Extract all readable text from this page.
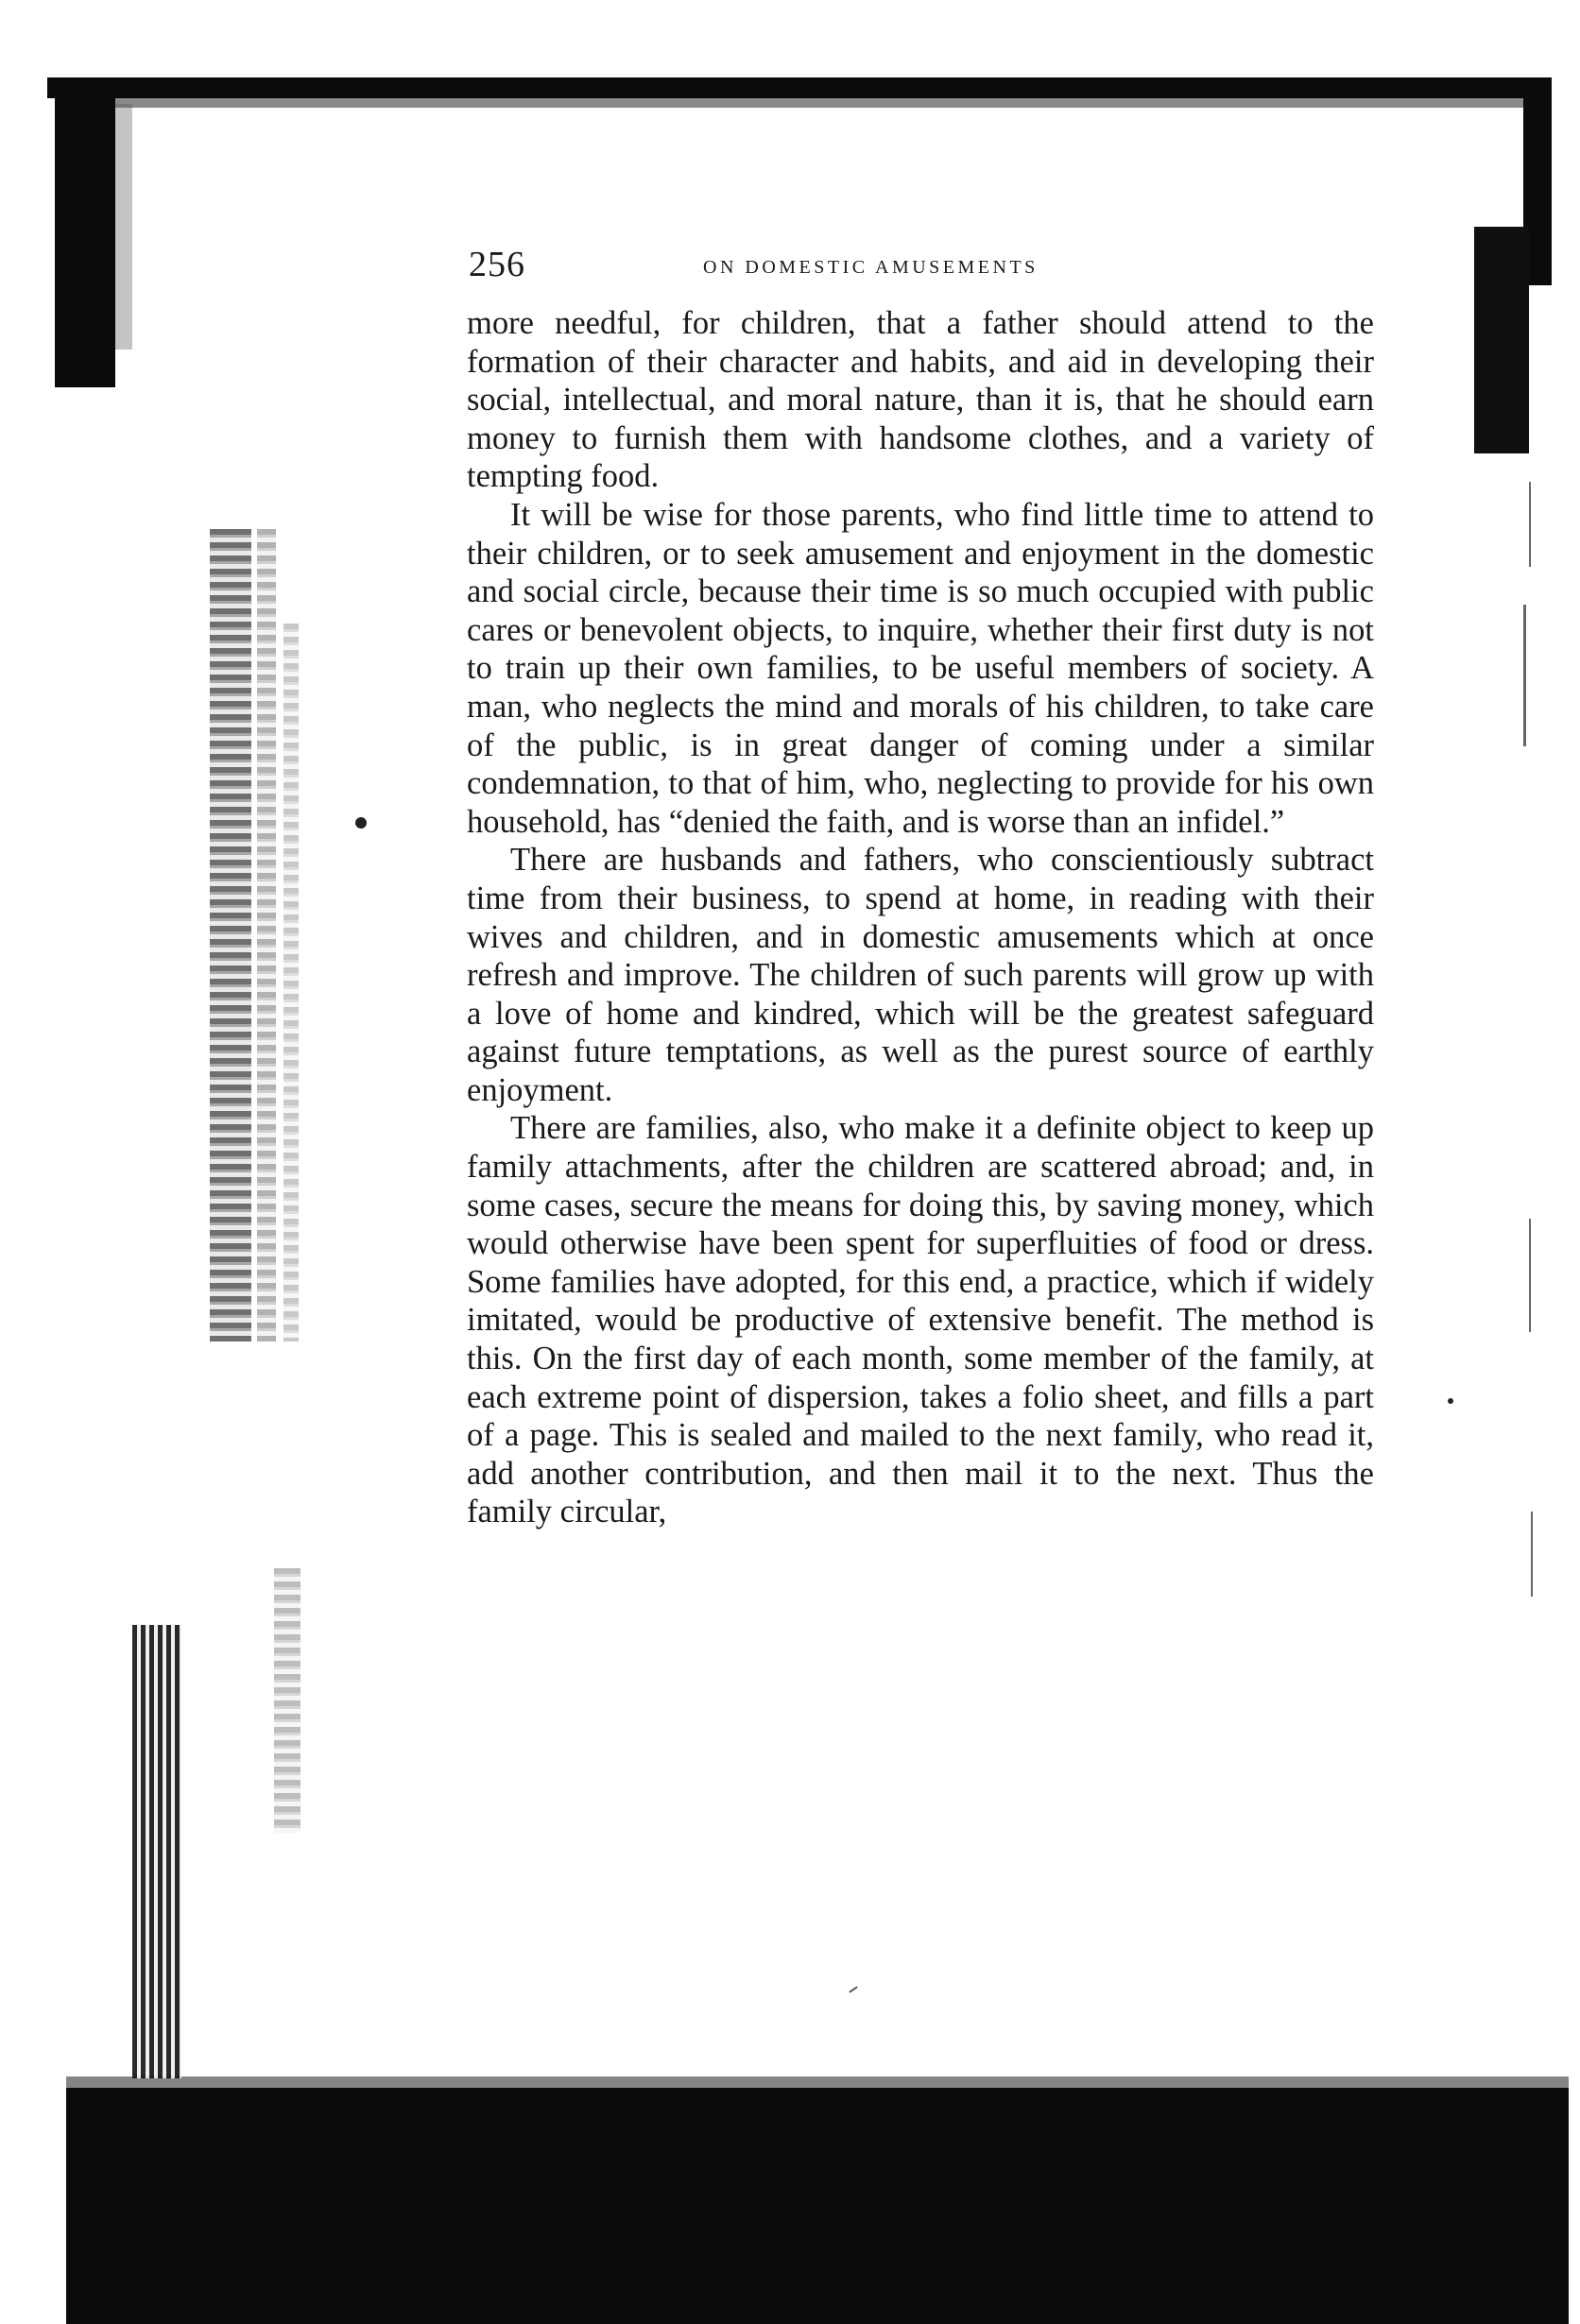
256	ON DOMESTIC AMUSEMENTS

more needful, for children, that a father should attend to the formation of their character and habits, and aid in developing their social, intellectual, and moral nature, than it is, that he should earn money to furnish them with handsome clothes, and a variety of tempting food.

It will be wise for those parents, who find little time to attend to their children, or to seek amusement and enjoyment in the domestic and social circle, because their time is so much occupied with public cares or benevolent objects, to inquire, whether their first duty is not to train up their own families, to be useful members of society. A man, who neglects the mind and morals of his children, to take care of the public, is in great danger of coming under a similar condemnation, to that of him, who, neglecting to provide for his own household, has “denied the faith, and is worse than an infidel.”

There are husbands and fathers, who conscientiously subtract time from their business, to spend at home, in reading with their wives and children, and in domestic amusements which at once refresh and improve. The children of such parents will grow up with a love of home and kindred, which will be the greatest safeguard against future temptations, as well as the purest source of earthly enjoyment.

There are families, also, who make it a definite object to keep up family attachments, after the children are scattered abroad; and, in some cases, secure the means for doing this, by saving money, which would otherwise have been spent for superfluities of food or dress. Some families have adopted, for this end, a practice, which if widely imitated, would be productive of extensive benefit. The method is this. On the first day of each month, some member of the family, at each extreme point of dispersion, takes a folio sheet, and fills a part of a page. This is sealed and mailed to the next family, who read it, add another contribution, and then mail it to the next. Thus the family circular,
